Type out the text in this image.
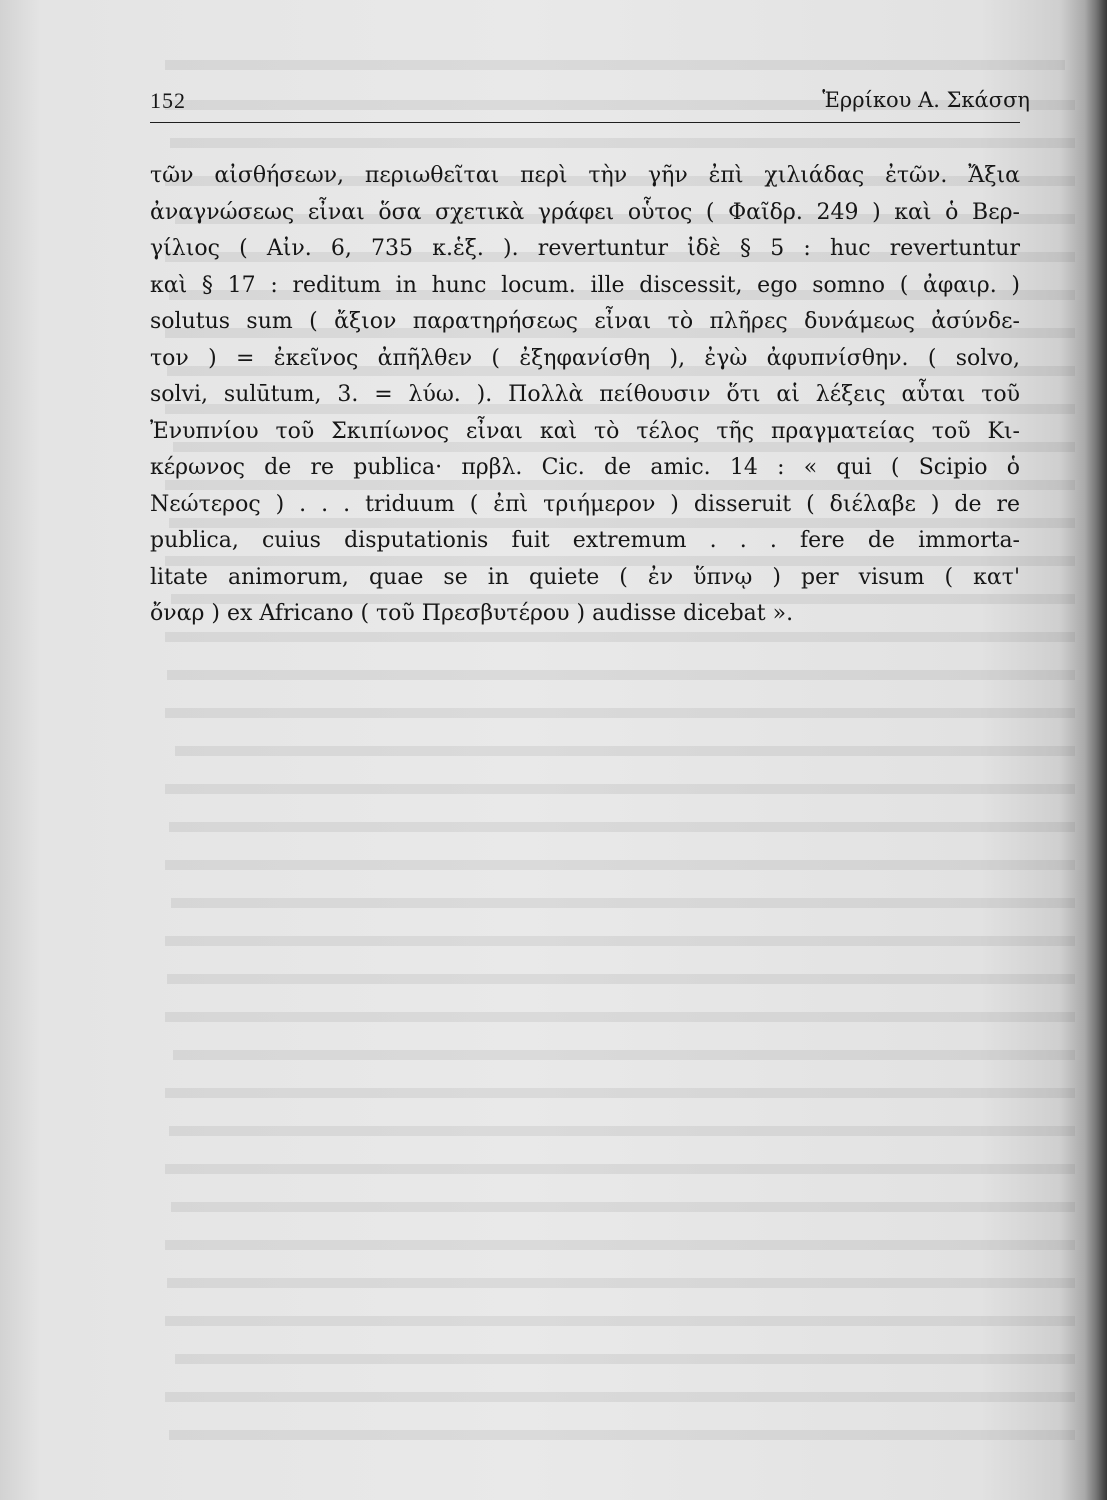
152	Ἑρρίκου Α. Σκάσση
τῶν αἰσθήσεων, περιωθεῖται περὶ τὴν γῆν ἐπὶ χιλιάδας ἐτῶν. Ἄξια
ἀναγνώσεως εἶναι ὅσα σχετικὰ γράφει οὗτος ( Φαῖδρ. 249 ) καὶ ὁ Βερ-
γίλιος ( Αἰν. 6, 735 κ.ἑξ. ). revertuntur ἰδὲ § 5 : huc revertuntur
καὶ § 17 : reditum in hunc locum. ille discessit, ego somno ( ἀφαιρ. )
solutus sum ( ἄξιον παρατηρήσεως εἶναι τὸ πλῆρες δυνάμεως ἀσύνδε-
τον ) = ἐκεῖνος ἀπῆλθεν ( ἐξηφανίσθη ), ἐγὼ ἀφυπνίσθην. ( solvo,
solvi, sulūtum, 3. = λύω. ). Πολλὰ πείθουσιν ὅτι αἱ λέξεις αὗται τοῦ
Ἐνυπνίου τοῦ Σκιπίωνος εἶναι καὶ τὸ τέλος τῆς πραγματείας τοῦ Κι-
κέρωνος de re publica· πρβλ. Cic. de amic. 14 : « qui ( Scipio ὁ
Νεώτερος ) . . . triduum ( ἐπὶ τριήμερον ) disseruit ( διέλαβε ) de re
publica, cuius disputationis fuit extremum . . . fere de immorta-
litate animorum, quae se in quiete ( ἐν ὕπνῳ ) per visum ( κατ'
ὄναρ ) ex Africano ( τοῦ Πρεσβυτέρου ) audisse dicebat ».
